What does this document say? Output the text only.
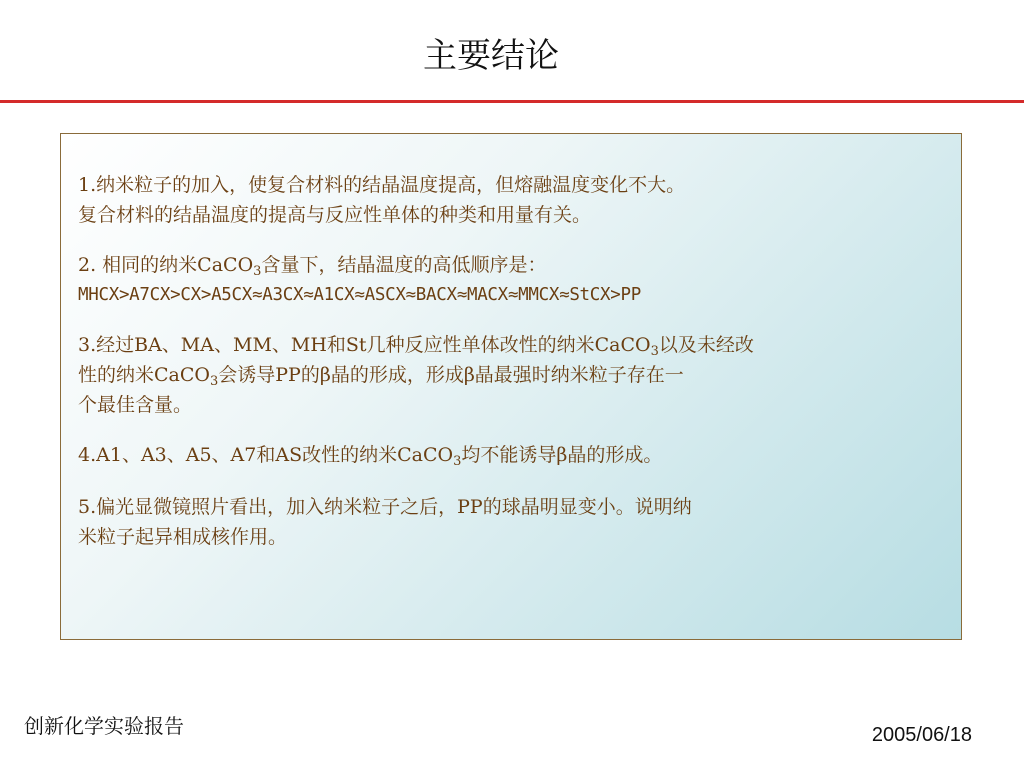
主要结论
1.纳米粒子的加入，使复合材料的结晶温度提高，但熔融温度变化不大。
复合材料的结晶温度的提高与反应性单体的种类和用量有关。
2. 相同的纳米CaCO$_3$含量下，结晶温度的高低顺序是：
MHCX>A7CX>CX>A5CX≈A3CX≈A1CX≈ASCX≈BACX≈MACX≈MMCX≈StCX>PP
3.经过BA、MA、MM、MH和St几种反应性单体改性的纳米CaCO$_3$以及未经改
性的纳米CaCO$_3$会诱导PP的β晶的形成，形成β晶最强时纳米粒子存在一
个最佳含量。
4.A1、A3、A5、A7和AS改性的纳米CaCO$_3$均不能诱导β晶的形成。
5.偏光显微镜照片看出，加入纳米粒子之后，PP的球晶明显变小。说明纳
米粒子起异相成核作用。
创新化学实验报告	2005/06/18
